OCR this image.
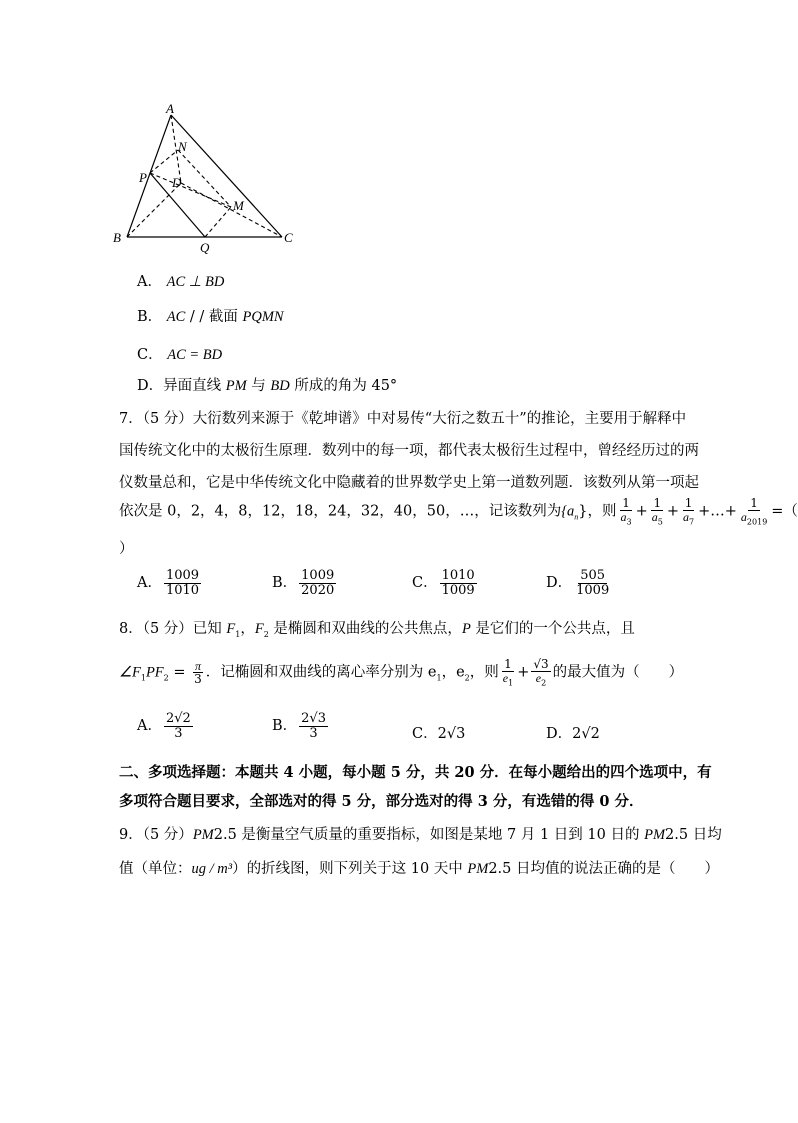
A
N
P D
M
B
Q
C
A． AC ⊥ BD
B． AC / / 截面 PQMN
C． AC = BD
D．异面直线 PM 与 BD 所成的角为 45°
7．（5 分）大衍数列来源于《乾坤谱》中对易传“大衍之数五十”的推论，主要用于解释中
国传统文化中的太极衍生原理．数列中的每一项，都代表太极衍生过程中，曾经经历过的两
仪数量总和，它是中华传统文化中隐藏着的世界数学史上第一道数列题．该数列从第一项起
依次是 0，2，4，8，12，18，24，32，40，50，…，记该数列为$\{a_n\}$，则 $\frac{1}{a_3} + \frac{1}{a_5} + \frac{1}{a_7}$ +…+ $\frac{1}{a_{2019}}$ =（
）
A． $\frac{1009}{1010}$	B． $\frac{1009}{2020}$	C． $\frac{1010}{1009}$	D． $\frac{505}{1009}$
8．（5 分）已知 $F_1$，$F_2$ 是椭圆和双曲线的公共焦点，P 是它们的一个公共点，且
$\angle F_1PF_2 = \frac{\pi}{3}$ ．记椭圆和双曲线的离心率分别为 $e_1$，$e_2$，则 $\frac{1}{e_1} + \frac{√3}{e_2}$ 的最大值为（　　）
A． $\frac{2√2}{3}$	B． $\frac{2√3}{3}$	C．2√3	D．2√2
二、多项选择题：本题共 4 小题，每小题 5 分，共 20 分．在每小题给出的四个选项中，有
多项符合题目要求，全部选对的得 5 分，部分选对的得 3 分，有选错的得 0 分．
9．（5 分）PM2.5 是衡量空气质量的重要指标，如图是某地 7 月 1 日到 10 日的 PM2.5 日均
值（单位：ug / m³）的折线图，则下列关于这 10 天中 PM2.5 日均值的说法正确的是（　　）
